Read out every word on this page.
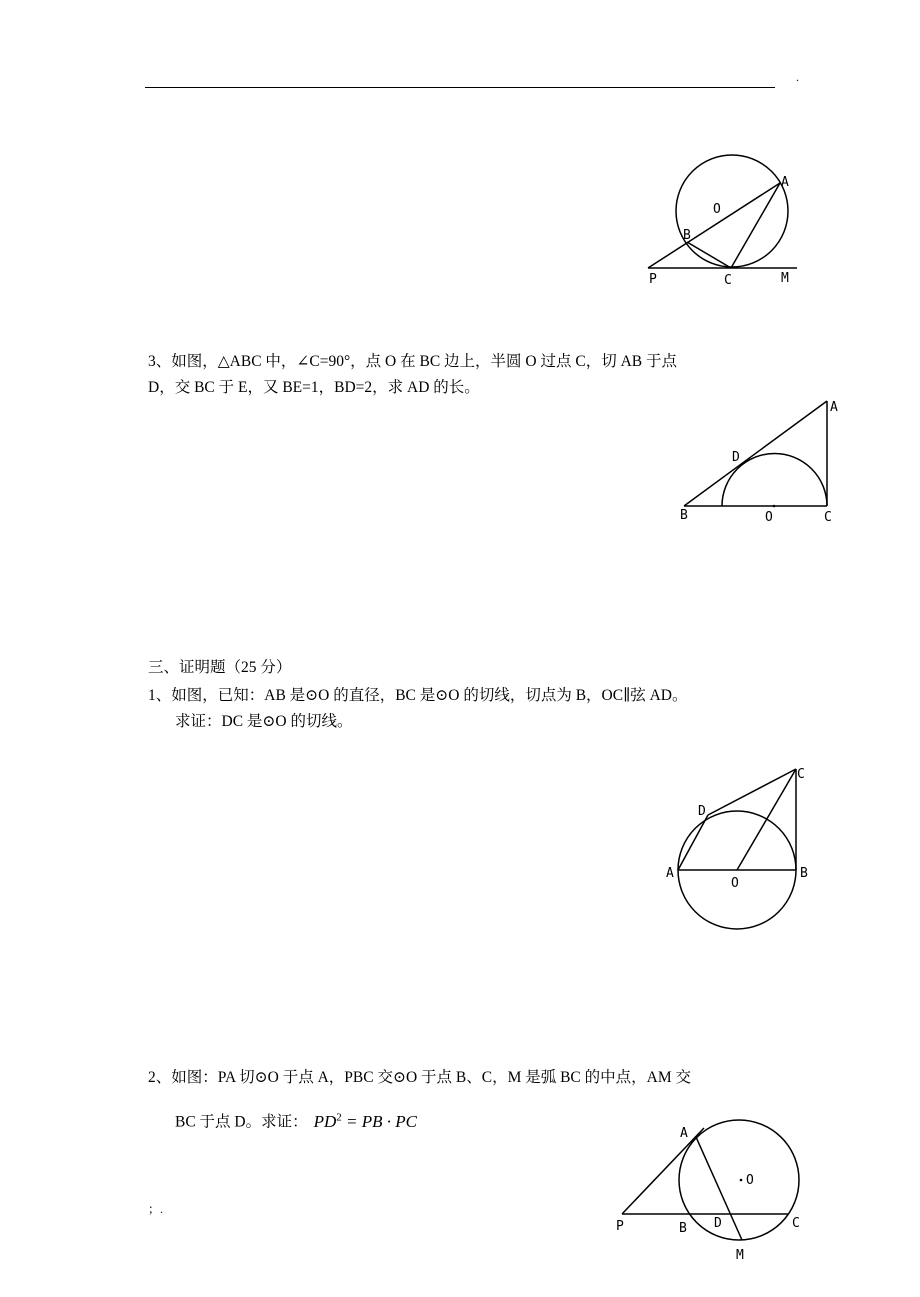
.
A
O
B
P	C	M
3、如图，△ABC 中，∠C=90°，点 O 在 BC 边上，半圆 O 过点 C，切 AB 于点
D，交 BC 于 E，又 BE=1，BD=2，求 AD 的长。
A
D
B	O	C
三、证明题（25 分）
1、如图，已知：AB 是⊙O 的直径，BC 是⊙O 的切线，切点为 B，OC∥弦 AD。
求证：DC 是⊙O 的切线。
C
D
A
O
B
2、如图：PA 切⊙O 于点 A，PBC 交⊙O 于点 B、C，M 是弧 BC 的中点，AM 交
BC 于点 D。求证： $PD^2$ = PB · PC
A
O
P	B D	C
M
；.
